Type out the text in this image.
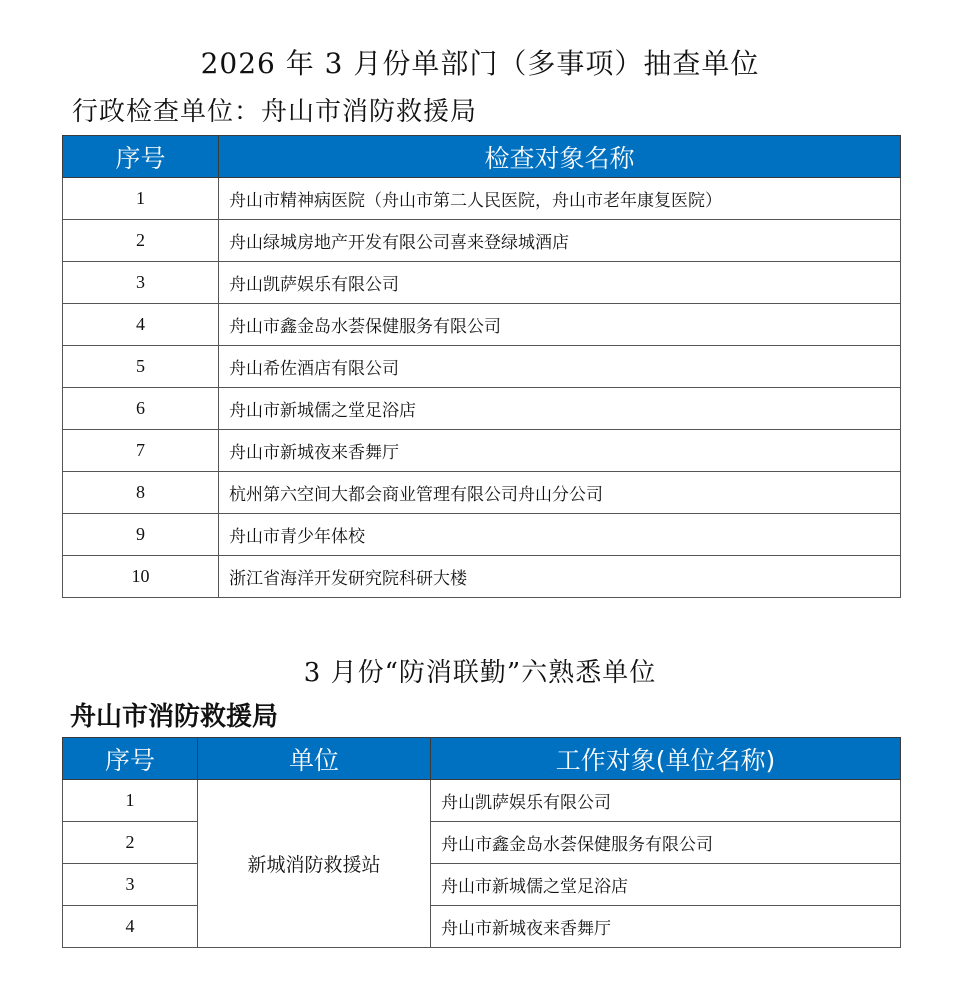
2026 年 3 月份单部门（多事项）抽查单位
行政检查单位：舟山市消防救援局
序号	检查对象名称
1	舟山市精神病医院（舟山市第二人民医院，舟山市老年康复医院）
2	舟山绿城房地产开发有限公司喜来登绿城酒店
3	舟山凯萨娱乐有限公司
4	舟山市鑫金岛水荟保健服务有限公司
5	舟山希佐酒店有限公司
6	舟山市新城儒之堂足浴店
7	舟山市新城夜来香舞厅
8	杭州第六空间大都会商业管理有限公司舟山分公司
9	舟山市青少年体校
10	浙江省海洋开发研究院科研大楼
3 月份“防消联勤”六熟悉单位
舟山市消防救援局
序号	单位	工作对象(单位名称)
1	新城消防救援站	舟山凯萨娱乐有限公司
2		舟山市鑫金岛水荟保健服务有限公司
3		舟山市新城儒之堂足浴店
4		舟山市新城夜来香舞厅
